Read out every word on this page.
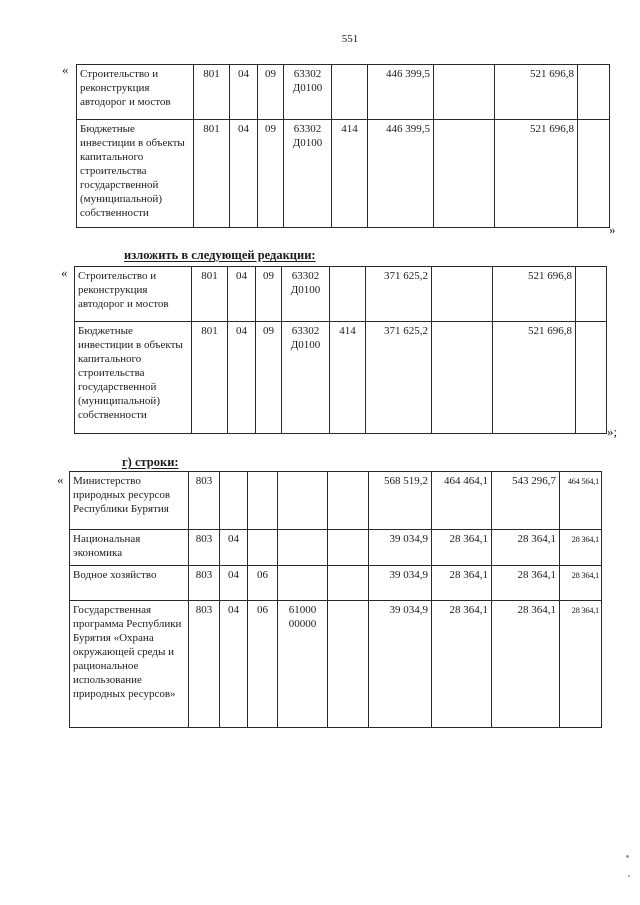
551
« Строительство и реконструкция автодорог и мостов	801	04	09	63302 Д0100		446 399,5		521 696,8	
Бюджетные инвестиции в объекты капитального строительства государственной (муниципальной) собственности	801	04	09	63302 Д0100	414	446 399,5		521 696,8	
»
изложить в следующей редакции:
« Строительство и реконструкция автодорог и мостов	801	04	09	63302 Д0100		371 625,2		521 696,8	
Бюджетные инвестиции в объекты капитального строительства государственной (муниципальной) собственности	801	04	09	63302 Д0100	414	371 625,2		521 696,8	
»;
г) строки:
« Министерство природных ресурсов Республики Бурятия	803					568 519,2	464 464,1	543 296,7	464 564,1
Национальная экономика	803	04				39 034,9	28 364,1	28 364,1	28 364,1
Водное хозяйство	803	04	06			39 034,9	28 364,1	28 364,1	28 364,1
Государственная программа Республики Бурятия «Охрана окружающей среды и рациональное использование природных ресурсов»	803	04	06	61000 00000		39 034,9	28 364,1	28 364,1	28 364,1
